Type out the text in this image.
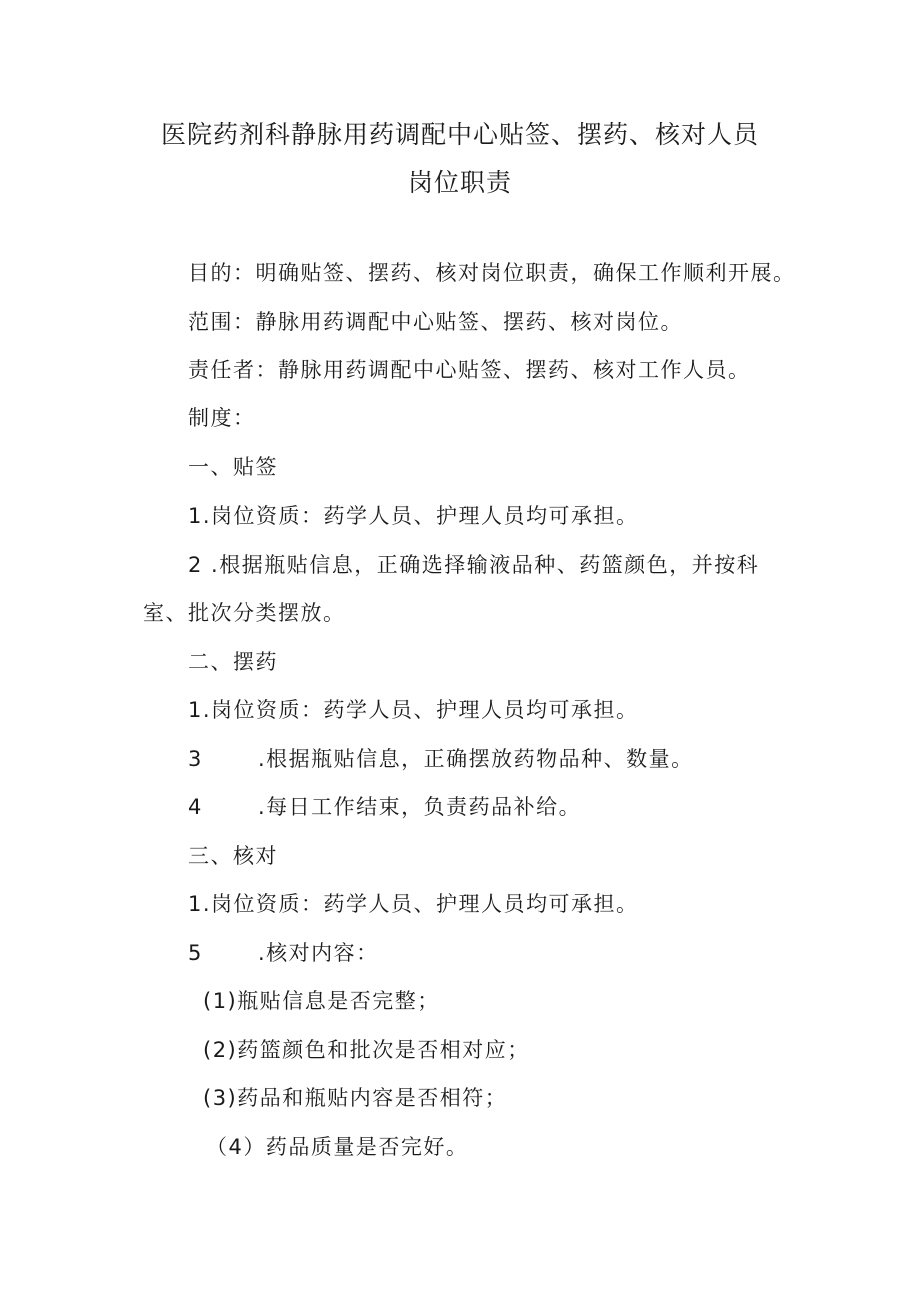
医院药剂科静脉用药调配中心贴签、摆药、核对人员
岗位职责
目的：明确贴签、摆药、核对岗位职责，确保工作顺利开展。
范围：静脉用药调配中心贴签、摆药、核对岗位。
责任者：静脉用药调配中心贴签、摆药、核对工作人员。
制度：
一、贴签
1.岗位资质：药学人员、护理人员均可承担。
2 .根据瓶贴信息，正确选择输液品种、药篮颜色，并按科
室、批次分类摆放。
二、摆药
1.岗位资质：药学人员、护理人员均可承担。
3	.根据瓶贴信息，正确摆放药物品种、数量。
4	.每日工作结束，负责药品补给。
三、核对
1.岗位资质：药学人员、护理人员均可承担。
5	.核对内容：
(1)瓶贴信息是否完整；
(2)药篮颜色和批次是否相对应；
(3)药品和瓶贴内容是否相符；
（4）药品质量是否完好。
